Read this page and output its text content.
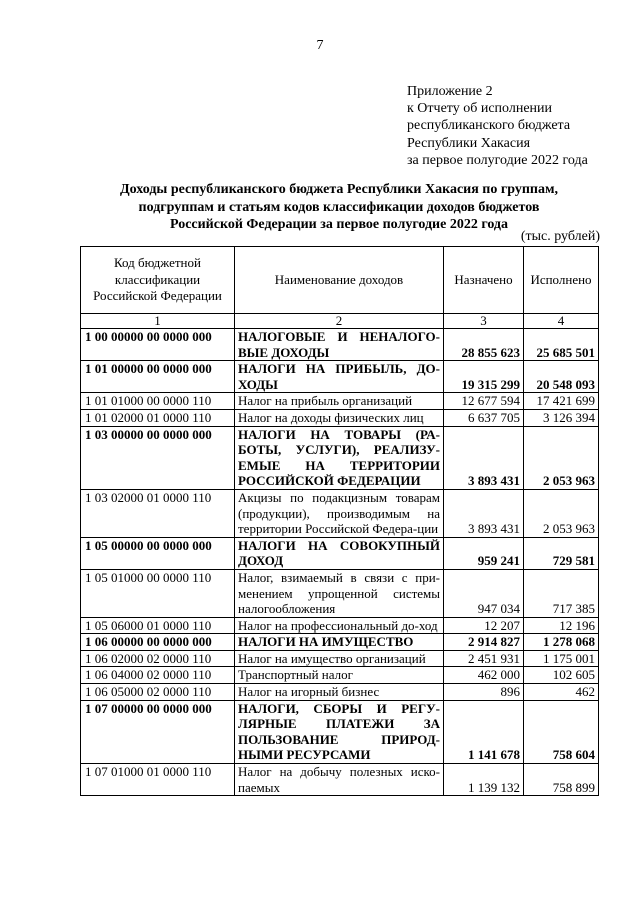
7
Приложение 2
к Отчету об исполнении
республиканского бюджета
Республики Хакасия
за первое полугодие 2022 года
Доходы республиканского бюджета Республики Хакасия по группам,
подгруппам и статьям кодов классификации доходов бюджетов
Российской Федерации за первое полугодие 2022 года
(тыс. рублей)
Код бюджетной классификации Российской Федерации	Наименование доходов	Назначено	Исполнено
1	2	3	4
1 00 00000 00 0000 000	НАЛОГОВЫЕ И НЕНАЛОГО-ВЫЕ ДОХОДЫ	28 855 623	25 685 501
1 01 00000 00 0000 000	НАЛОГИ НА ПРИБЫЛЬ, ДО-ХОДЫ	19 315 299	20 548 093
1 01 01000 00 0000 110	Налог на прибыль организаций	12 677 594	17 421 699
1 01 02000 01 0000 110	Налог на доходы физических лиц	6 637 705	3 126 394
1 03 00000 00 0000 000	НАЛОГИ НА ТОВАРЫ (РА-БОТЫ, УСЛУГИ), РЕАЛИЗУ-ЕМЫЕ НА ТЕРРИТОРИИ РОССИЙСКОЙ ФЕДЕРАЦИИ	3 893 431	2 053 963
1 03 02000 01 0000 110	Акцизы по подакцизным товарам (продукции), производимым на территории Российской Федера-ции	3 893 431	2 053 963
1 05 00000 00 0000 000	НАЛОГИ НА СОВОКУПНЫЙ ДОХОД	959 241	729 581
1 05 01000 00 0000 110	Налог, взимаемый в связи с при-менением упрощенной системы налогообложения	947 034	717 385
1 05 06000 01 0000 110	Налог на профессиональный до-ход	12 207	12 196
1 06 00000 00 0000 000	НАЛОГИ НА ИМУЩЕСТВО	2 914 827	1 278 068
1 06 02000 02 0000 110	Налог на имущество организаций	2 451 931	1 175 001
1 06 04000 02 0000 110	Транспортный налог	462 000	102 605
1 06 05000 02 0000 110	Налог на игорный бизнес	896	462
1 07 00000 00 0000 000	НАЛОГИ, СБОРЫ И РЕГУ-ЛЯРНЫЕ ПЛАТЕЖИ ЗА ПОЛЬЗОВАНИЕ ПРИРОД-НЫМИ РЕСУРСАМИ	1 141 678	758 604
1 07 01000 01 0000 110	Налог на добычу полезных иско-паемых	1 139 132	758 899
